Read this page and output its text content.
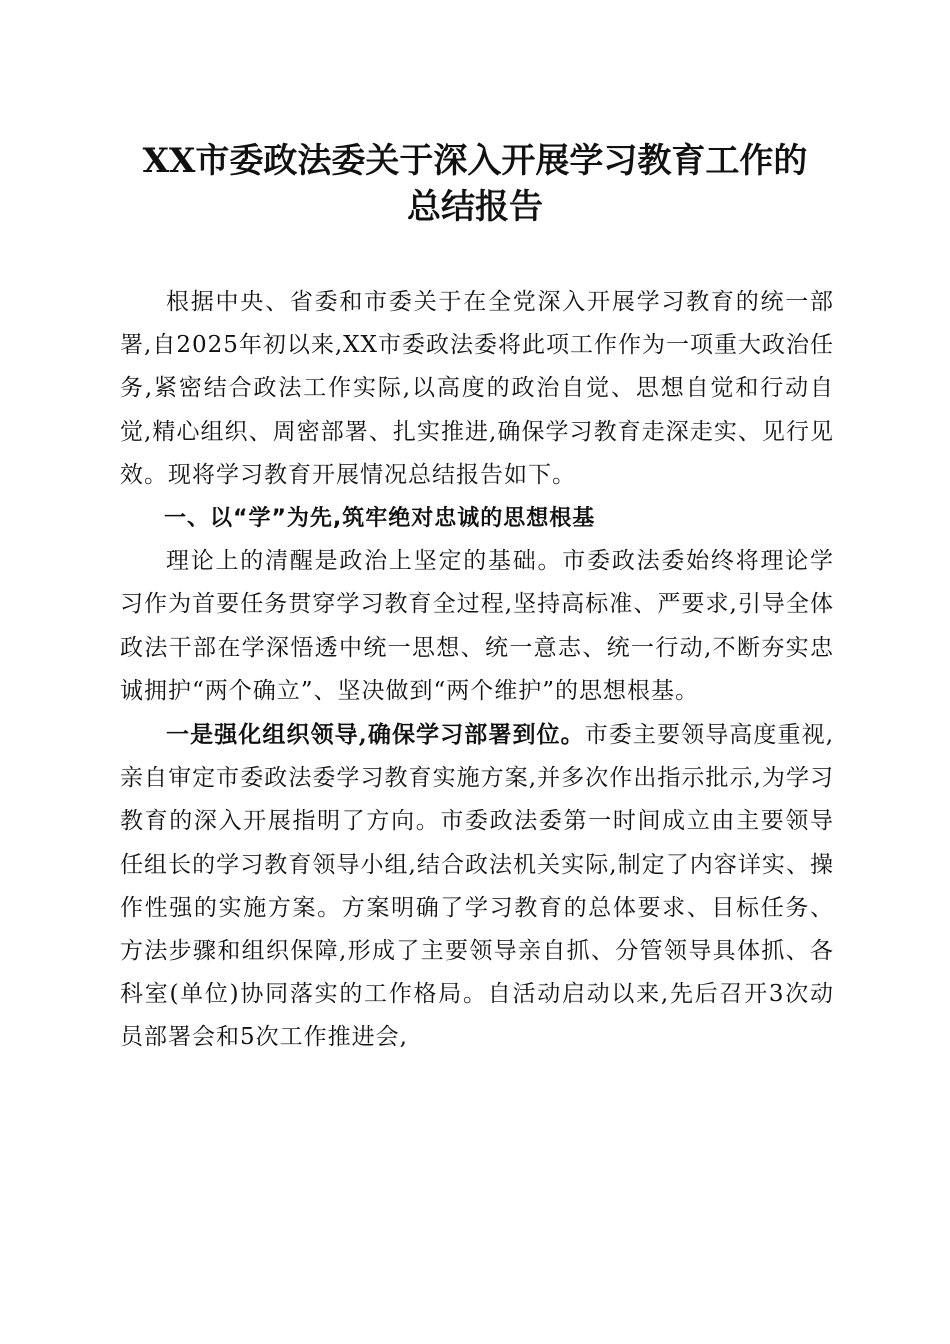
XX市委政法委关于深入开展学习教育工作的
总结报告

根据中央、省委和市委关于在全党深入开展学习教育的统一部署,自2025年初以来,XX市委政法委将此项工作作为一项重大政治任务,紧密结合政法工作实际,以高度的政治自觉、思想自觉和行动自觉,精心组织、周密部署、扎实推进,确保学习教育走深走实、见行见效。现将学习教育开展情况总结报告如下。

一、以“学”为先,筑牢绝对忠诚的思想根基

理论上的清醒是政治上坚定的基础。市委政法委始终将理论学习作为首要任务贯穿学习教育全过程,坚持高标准、严要求,引导全体政法干部在学深悟透中统一思想、统一意志、统一行动,不断夯实忠诚拥护“两个确立”、坚决做到“两个维护”的思想根基。

一是强化组织领导,确保学习部署到位。市委主要领导高度重视,亲自审定市委政法委学习教育实施方案,并多次作出指示批示,为学习教育的深入开展指明了方向。市委政法委第一时间成立由主要领导任组长的学习教育领导小组,结合政法机关实际,制定了内容详实、操作性强的实施方案。方案明确了学习教育的总体要求、目标任务、方法步骤和组织保障,形成了主要领导亲自抓、分管领导具体抓、各科室(单位)协同落实的工作格局。自活动启动以来,先后召开3次动员部署会和5次工作推进会,
